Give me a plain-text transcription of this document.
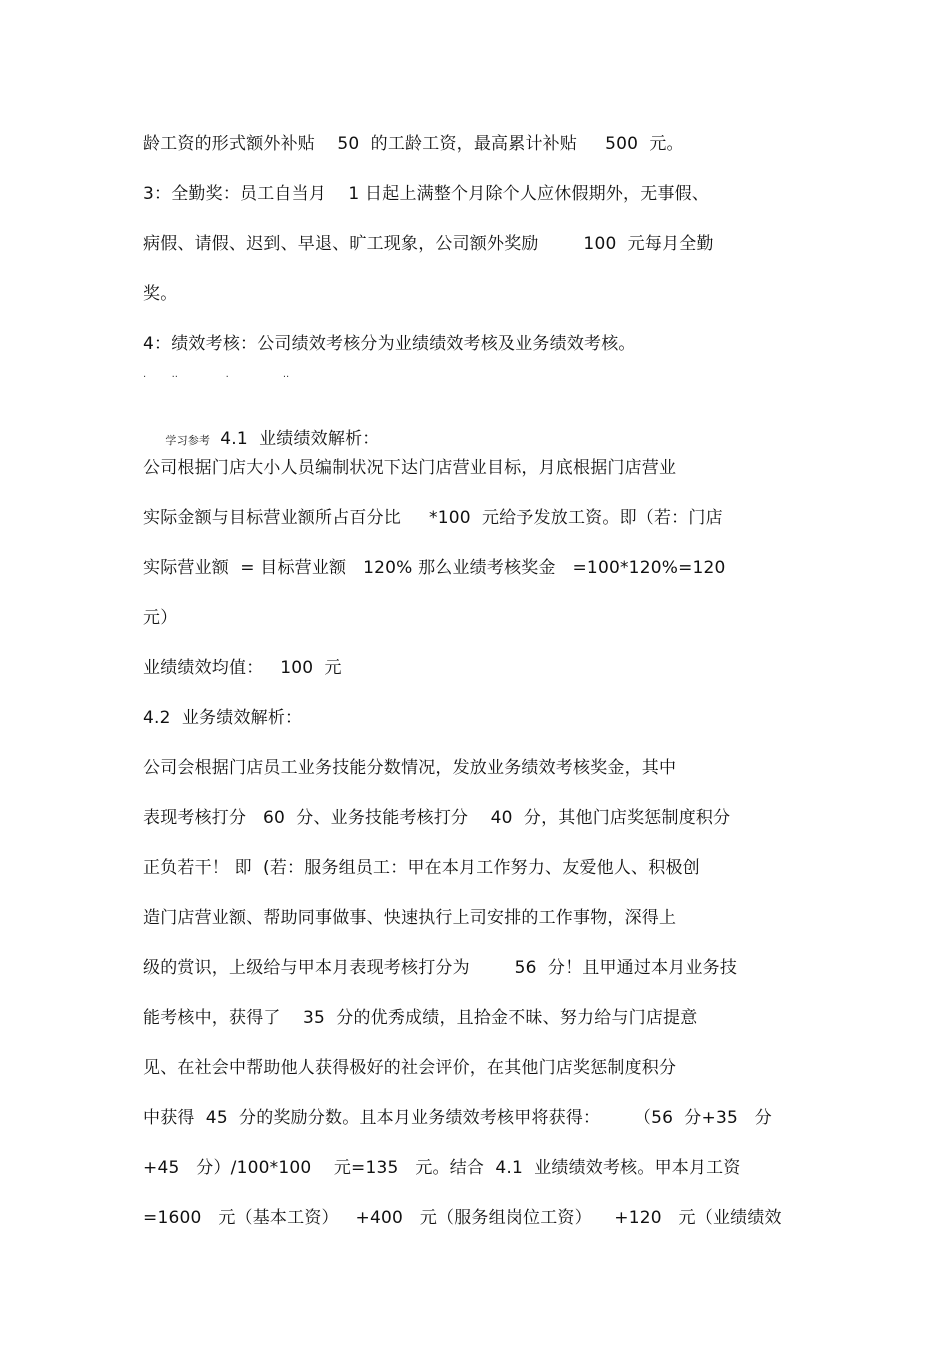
龄工资的形式额外补贴    50  的工龄工资，最高累计补贴     500  元。
3：全勤奖：员工自当月    1 日起上满整个月除个人应休假期外，无事假、
病假、请假、迟到、早退、旷工现象，公司额外奖励        100  元每月全勤
奖。
4：绩效考核：公司绩效考核分为业绩绩效考核及业务绩效考核。
·        ··               ·                 ··

学习参考 4.1  业绩绩效解析：

公司根据门店大小人员编制状况下达门店营业目标，月底根据门店营业
实际金额与目标营业额所占百分比     *100  元给予发放工资。即（若：门店
实际营业额  = 目标营业额   120% 那么业绩考核奖金   =100*120%=120
元）
业绩绩效均值：   100  元
4.2  业务绩效解析：
公司会根据门店员工业务技能分数情况，发放业务绩效考核奖金，其中
表现考核打分   60  分、业务技能考核打分    40  分，其他门店奖惩制度积分
正负若干！ 即  (若：服务组员工：甲在本月工作努力、友爱他人、积极创
造门店营业额、帮助同事做事、快速执行上司安排的工作事物，深得上
级的赏识，上级给与甲本月表现考核打分为        56  分！且甲通过本月业务技
能考核中，获得了    35  分的优秀成绩，且拾金不昧、努力给与门店提意
见、在社会中帮助他人获得极好的社会评价，在其他门店奖惩制度积分
中获得  45  分的奖励分数。且本月业务绩效考核甲将获得：      （56  分+35   分
+45   分）/100*100    元=135   元。结合  4.1  业绩绩效考核。甲本月工资
=1600   元（基本工资）   +400   元（服务组岗位工资）    +120   元（业绩绩效
